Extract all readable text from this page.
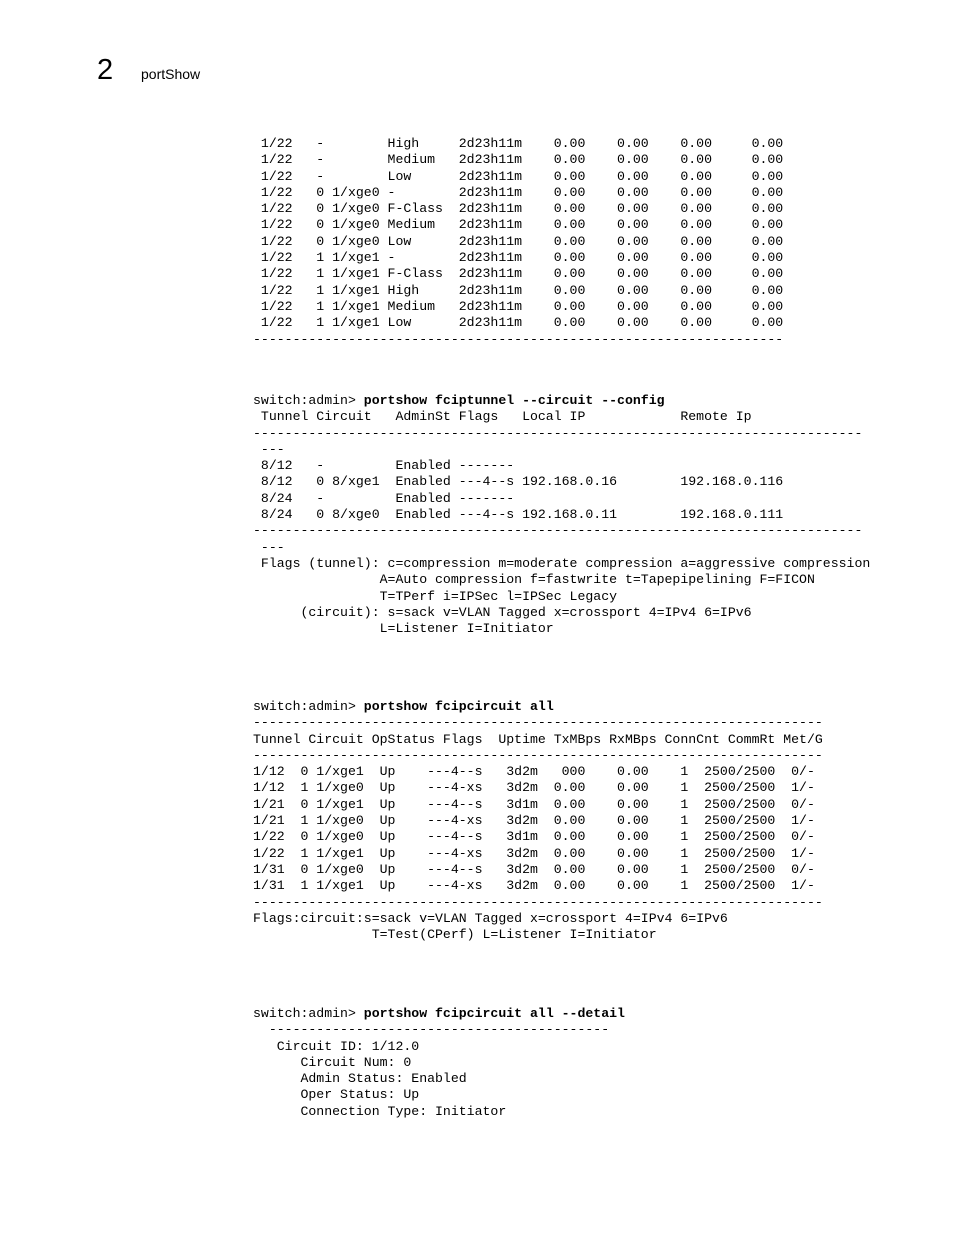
2 portShow
1/22   -        High     2d23h11m    0.00    0.00    0.00     0.00
1/22   -        Medium   2d23h11m    0.00    0.00    0.00     0.00
1/22   -        Low      2d23h11m    0.00    0.00    0.00     0.00
1/22   0 1/xge0 -        2d23h11m    0.00    0.00    0.00     0.00
1/22   0 1/xge0 F-Class  2d23h11m    0.00    0.00    0.00     0.00
1/22   0 1/xge0 Medium   2d23h11m    0.00    0.00    0.00     0.00
1/22   0 1/xge0 Low      2d23h11m    0.00    0.00    0.00     0.00
1/22   1 1/xge1 -        2d23h11m    0.00    0.00    0.00     0.00
1/22   1 1/xge1 F-Class  2d23h11m    0.00    0.00    0.00     0.00
1/22   1 1/xge1 High     2d23h11m    0.00    0.00    0.00     0.00
1/22   1 1/xge1 Medium   2d23h11m    0.00    0.00    0.00     0.00
1/22   1 1/xge1 Low      2d23h11m    0.00    0.00    0.00     0.00
-------------------------------------------------------------------
switch:admin> portshow fciptunnel --circuit --config
Tunnel Circuit   AdminSt Flags   Local IP            Remote Ip
-----------------------------------------------------------------------------
---
8/12   -         Enabled -------
8/12   0 8/xge1  Enabled ---4--s 192.168.0.16        192.168.0.116
8/24   -         Enabled -------
8/24   0 8/xge0  Enabled ---4--s 192.168.0.11        192.168.0.111
-----------------------------------------------------------------------------
---
Flags (tunnel): c=compression m=moderate compression a=aggressive compression
A=Auto compression f=fastwrite t=Tapepipelining F=FICON
T=TPerf i=IPSec l=IPSec Legacy
(circuit): s=sack v=VLAN Tagged x=crossport 4=IPv4 6=IPv6
L=Listener I=Initiator
switch:admin> portshow fcipcircuit all
------------------------------------------------------------------------
Tunnel Circuit OpStatus Flags  Uptime TxMBps RxMBps ConnCnt CommRt Met/G
------------------------------------------------------------------------
1/12  0 1/xge1  Up    ---4--s   3d2m   000    0.00    1  2500/2500  0/-
1/12  1 1/xge0  Up    ---4-xs   3d2m  0.00    0.00    1  2500/2500  1/-
1/21  0 1/xge1  Up    ---4--s   3d1m  0.00    0.00    1  2500/2500  0/-
1/21  1 1/xge0  Up    ---4-xs   3d2m  0.00    0.00    1  2500/2500  1/-
1/22  0 1/xge0  Up    ---4--s   3d1m  0.00    0.00    1  2500/2500  0/-
1/22  1 1/xge1  Up    ---4-xs   3d2m  0.00    0.00    1  2500/2500  1/-
1/31  0 1/xge0  Up    ---4--s   3d2m  0.00    0.00    1  2500/2500  0/-
1/31  1 1/xge1  Up    ---4-xs   3d2m  0.00    0.00    1  2500/2500  1/-
------------------------------------------------------------------------
Flags:circuit:s=sack v=VLAN Tagged x=crossport 4=IPv4 6=IPv6
T=Test(CPerf) L=Listener I=Initiator
switch:admin> portshow fcipcircuit all --detail
-------------------------------------------
Circuit ID: 1/12.0
Circuit Num: 0
Admin Status: Enabled
Oper Status: Up
Connection Type: Initiator
